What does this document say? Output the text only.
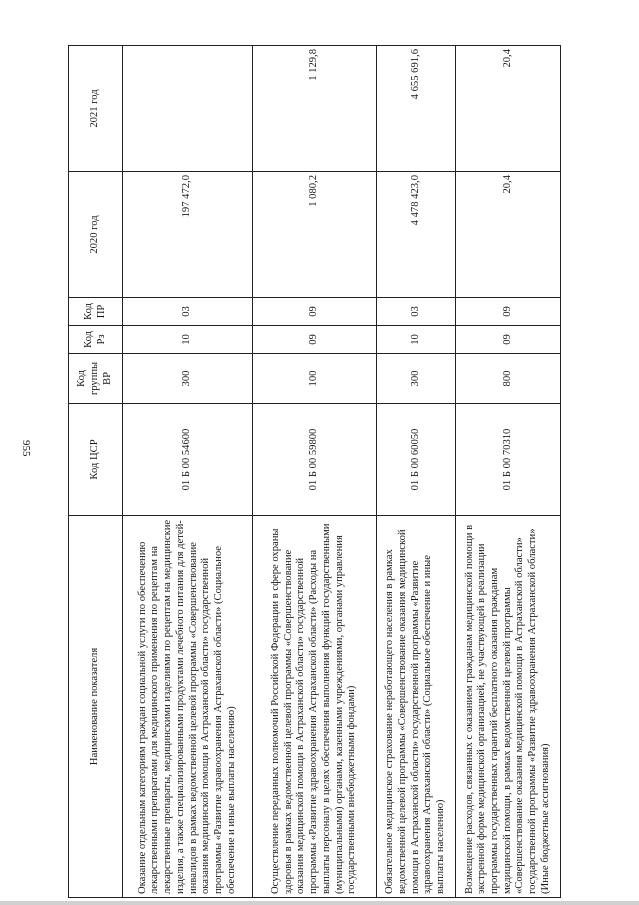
955
Наименование показателя	Код ЦСР	Код группы ВР	Код Рз	Код ПР	2020 год	2021 год
Оказание отдельным категориям граждан социальной услуги по обеспечению лекарственными препаратами для медицинского применения по рецептам на лекарственные препараты, медицинскими изделиями по рецептам на медицинские изделия, а также специализированными продуктами лечебного питания для детей-инвалидов в рамках ведомственной целевой программы «Совершенствование оказания медицинской помощи в Астраханской области» государственной программы «Развитие здравоохранения Астраханской области» (Социальное обеспечение и иные выплаты населению)	01 Б 00 54600	300	10	03	197 472,0	
Осуществление переданных полномочий Российской Федерации в сфере охраны здоровья в рамках ведомственной целевой программы «Совершенствование оказания медицинской помощи в Астраханской области» государственной программы «Развитие здравоохранения Астраханской области» (Расходы на выплаты персоналу в целях обеспечения выполнения функций государственными (муниципальными) органами, казенными учреждениями, органами управления государственными внебюджетными фондами)	01 Б 00 59800	100	09	09	1 080,2	1 129,8
Обязательное медицинское страхование неработающего населения в рамках ведомственной целевой программы «Совершенствование оказания медицинской помощи в Астраханской области» государственной программы «Развитие здравоохранения Астраханской области» (Социальное обеспечение и иные выплаты населению)	01 Б 00 60050	300	10	03	4 478 423,0	4 655 691,6
Возмещение расходов, связанных с оказанием гражданам медицинской помощи в экстренной форме медицинской организацией, не участвующей в реализации программы государственных гарантий бесплатного оказания гражданам медицинской помощи, в рамках ведомственной целевой программы «Совершенствование оказания медицинской помощи в Астраханской области» государственной программы «Развитие здравоохранения Астраханской области» (Иные бюджетные ассигнования)	01 Б 00 70310	800	09	09	20,4	20,4
